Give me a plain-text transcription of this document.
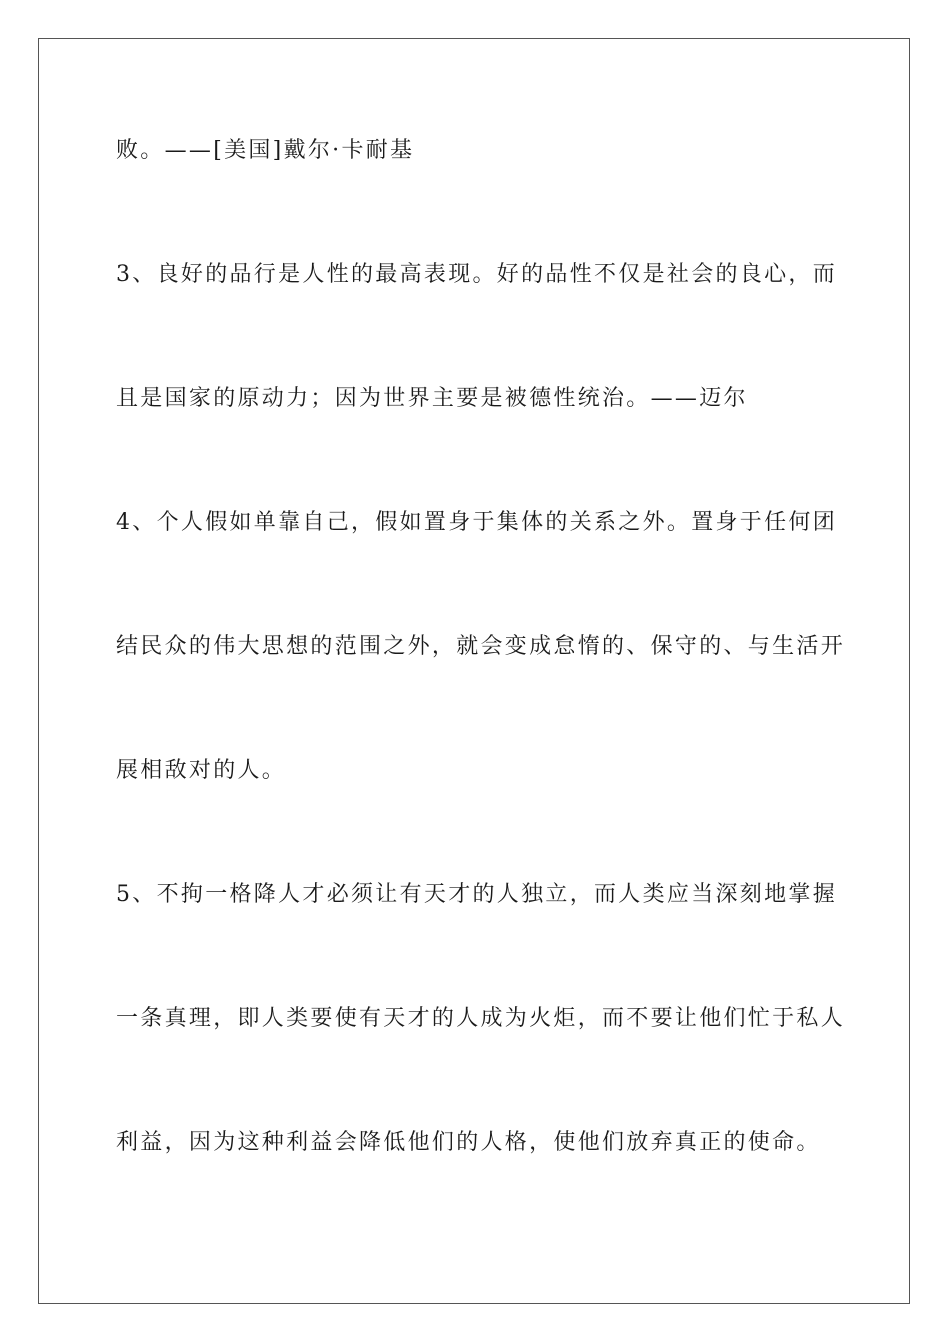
败。——[美国]戴尔·卡耐基
3、良好的品行是人性的最高表现。好的品性不仅是社会的良心，而
且是国家的原动力；因为世界主要是被德性统治。——迈尔
4、个人假如单靠自己，假如置身于集体的关系之外。置身于任何团
结民众的伟大思想的范围之外，就会变成怠惰的、保守的、与生活开
展相敌对的人。
5、不拘一格降人才必须让有天才的人独立，而人类应当深刻地掌握
一条真理，即人类要使有天才的人成为火炬，而不要让他们忙于私人
利益，因为这种利益会降低他们的人格，使他们放弃真正的使命。
